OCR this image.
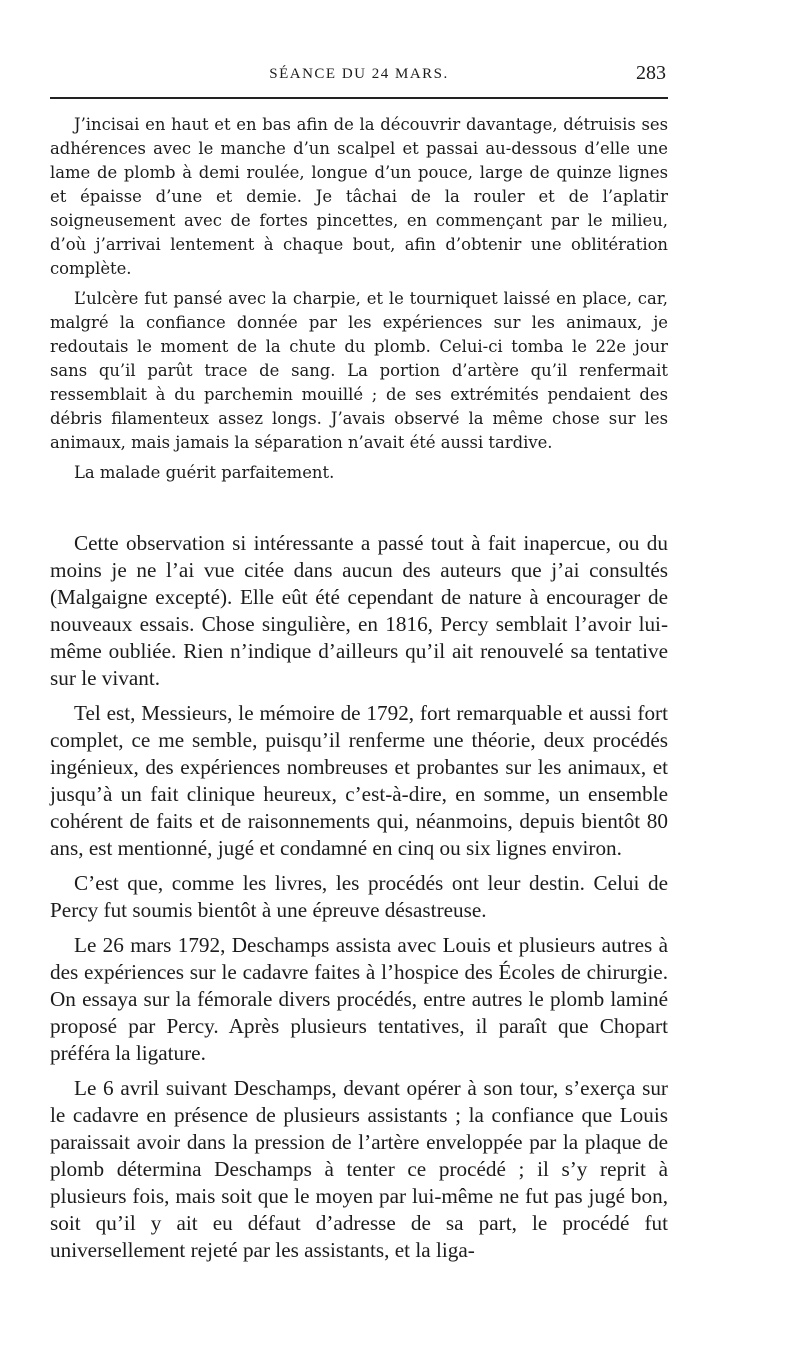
SÉANCE DU 24 MARS.	283

J’incisai en haut et en bas afin de la découvrir davantage, détruisis ses adhérences avec le manche d’un scalpel et passai au-dessous d’elle une lame de plomb à demi roulée, longue d’un pouce, large de quinze lignes et épaisse d’une et demie. Je tâchai de la rouler et de l’aplatir soigneusement avec de fortes pincettes, en commençant par le milieu, d’où j’arrivai lentement à chaque bout, afin d’obtenir une oblitération complète.

L’ulcère fut pansé avec la charpie, et le tourniquet laissé en place, car, malgré la confiance donnée par les expériences sur les animaux, je redoutais le moment de la chute du plomb. Celui-ci tomba le 22e jour sans qu’il parût trace de sang. La portion d’artère qu’il renfermait ressemblait à du parchemin mouillé ; de ses extrémités pendaient des débris filamenteux assez longs. J’avais observé la même chose sur les animaux, mais jamais la séparation n’avait été aussi tardive.

La malade guérit parfaitement.

Cette observation si intéressante a passé tout à fait inapercue, ou du moins je ne l’ai vue citée dans aucun des auteurs que j’ai consultés (Malgaigne excepté). Elle eût été cependant de nature à encourager de nouveaux essais. Chose singulière, en 1816, Percy semblait l’avoir lui-même oubliée. Rien n’indique d’ailleurs qu’il ait renouvelé sa tentative sur le vivant.

Tel est, Messieurs, le mémoire de 1792, fort remarquable et aussi fort complet, ce me semble, puisqu’il renferme une théorie, deux procédés ingénieux, des expériences nombreuses et probantes sur les animaux, et jusqu’à un fait clinique heureux, c’est-à-dire, en somme, un ensemble cohérent de faits et de raisonnements qui, néanmoins, depuis bientôt 80 ans, est mentionné, jugé et condamné en cinq ou six lignes environ.

C’est que, comme les livres, les procédés ont leur destin. Celui de Percy fut soumis bientôt à une épreuve désastreuse.

Le 26 mars 1792, Deschamps assista avec Louis et plusieurs autres à des expériences sur le cadavre faites à l’hospice des Écoles de chirurgie. On essaya sur la fémorale divers procédés, entre autres le plomb laminé proposé par Percy. Après plusieurs tentatives, il paraît que Chopart préféra la ligature.

Le 6 avril suivant Deschamps, devant opérer à son tour, s’exerça sur le cadavre en présence de plusieurs assistants ; la confiance que Louis paraissait avoir dans la pression de l’artère enveloppée par la plaque de plomb détermina Deschamps à tenter ce procédé ; il s’y reprit à plusieurs fois, mais soit que le moyen par lui-même ne fut pas jugé bon, soit qu’il y ait eu défaut d’adresse de sa part, le procédé fut universellement rejeté par les assistants, et la liga-
